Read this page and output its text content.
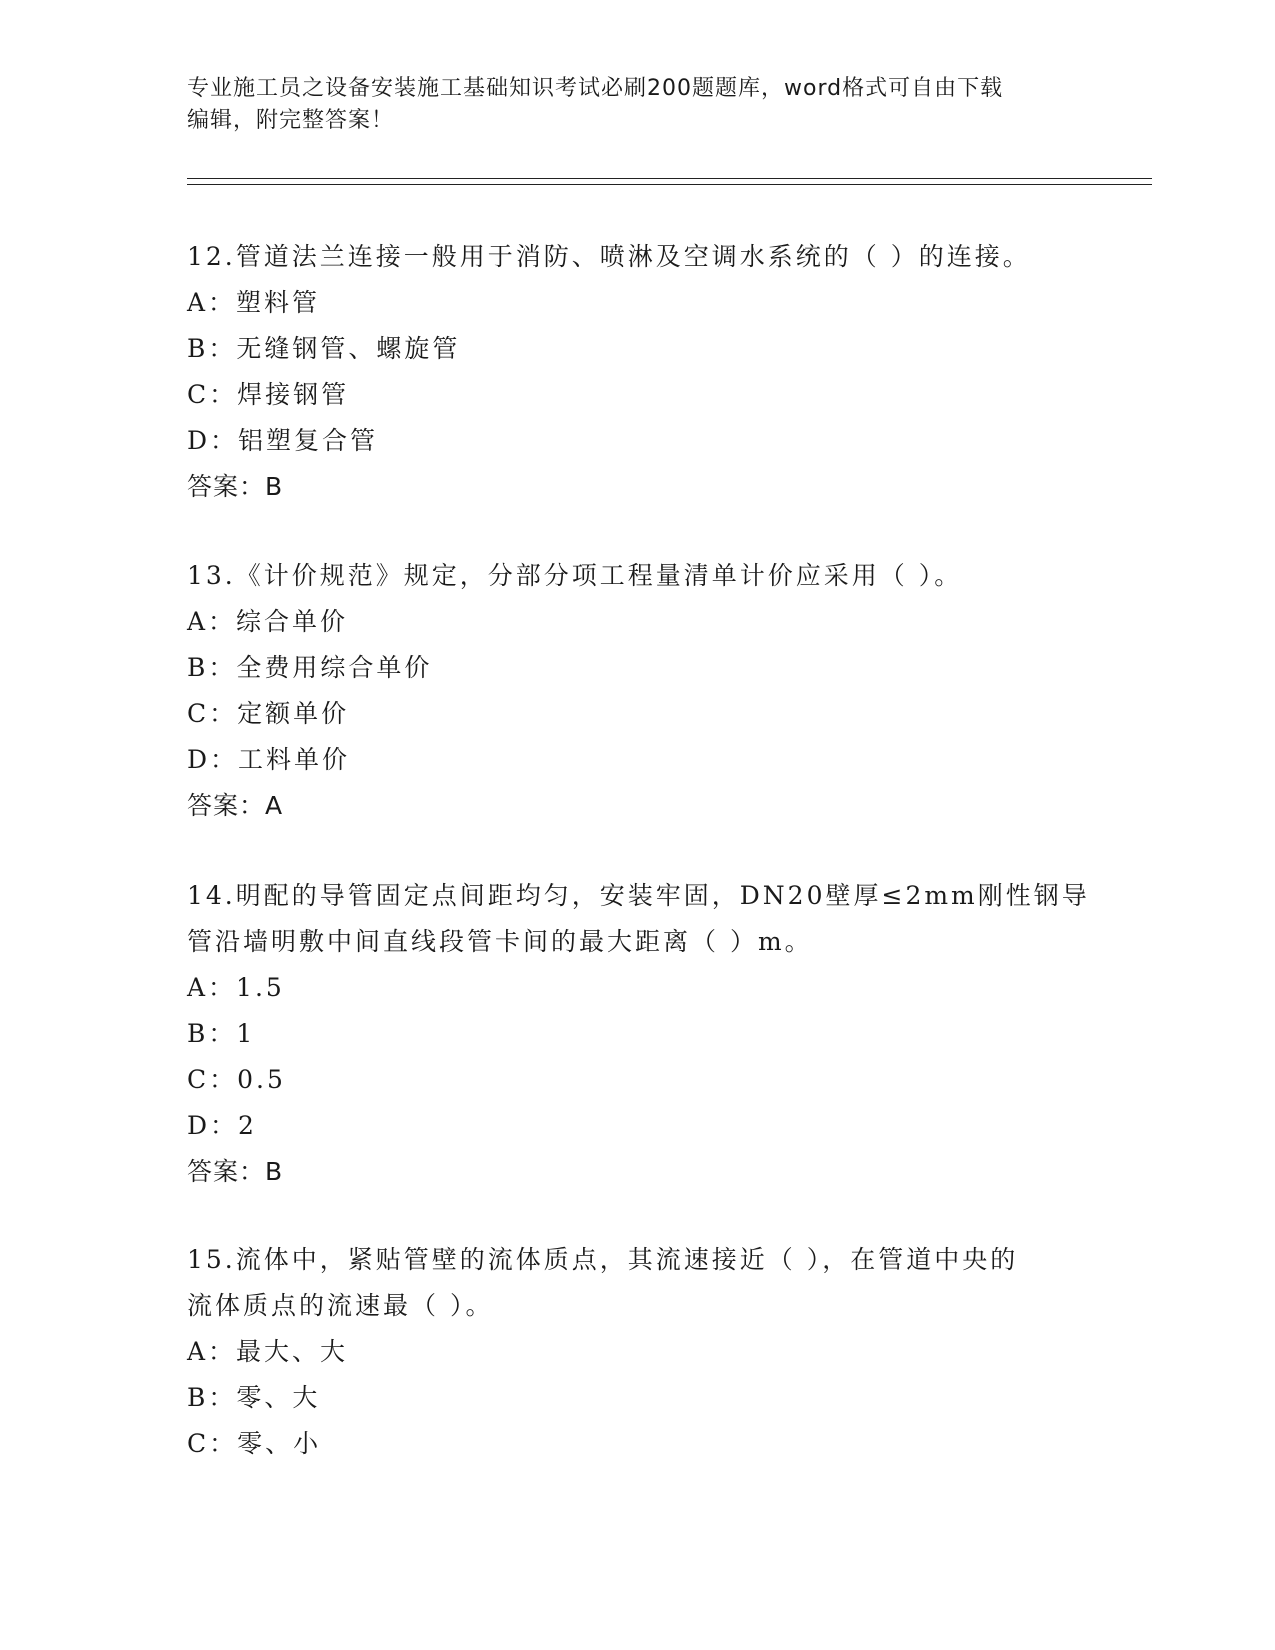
专业施工员之设备安装施工基础知识考试必刷200题题库，word格式可自由下载
编辑，附完整答案！
12.管道法兰连接一般用于消防、喷淋及空调水系统的（ ）的连接。
A：塑料管
B：无缝钢管、螺旋管
C：焊接钢管
D：铝塑复合管
答案：B
13.《计价规范》规定，分部分项工程量清单计价应采用（ ）。
A：综合单价
B：全费用综合单价
C：定额单价
D：工料单价
答案：A
14.明配的导管固定点间距均匀，安装牢固，DN20壁厚≤2mm刚性钢导
管沿墙明敷中间直线段管卡间的最大距离（ ）m。
A：1.5
B：1
C：0.5
D：2
答案：B
15.流体中，紧贴管壁的流体质点，其流速接近（ ），在管道中央的
流体质点的流速最（ ）。
A：最大、大
B：零、大
C：零、小
